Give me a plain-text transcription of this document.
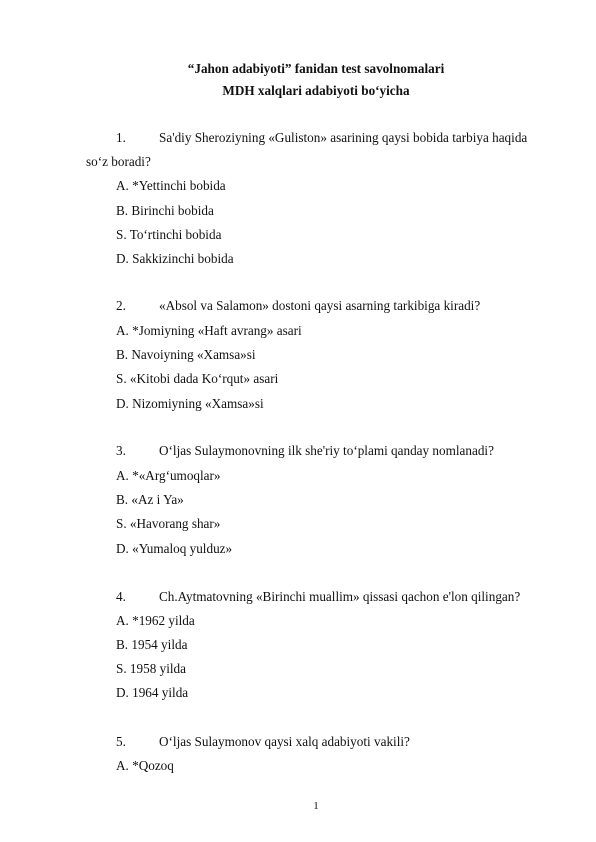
“Jahon adabiyoti” fanidan test savolnomalari
MDH xalqlari adabiyoti bo‘yicha
1.	Sa'diy Sheroziyning «Guliston» asarining qaysi bobida tarbiya haqida
so‘z boradi?
A. *Yettinchi bobida
B. Birinchi bobida
S. To‘rtinchi bobida
D. Sakkizinchi bobida
2.	«Absol va Salamon» dostoni qaysi asarning tarkibiga kiradi?
A. *Jomiyning «Haft avrang» asari
B. Navoiyning «Xamsa»si
S. «Kitobi dada Ko‘rqut» asari
D. Nizomiyning «Xamsa»si
3.	O‘ljas Sulaymonovning ilk she'riy to‘plami qanday nomlanadi?
A. *«Arg‘umoqlar»
B. «Az i Ya»
S. «Havorang shar»
D. «Yumaloq yulduz»
4.	Ch.Aytmatovning «Birinchi muallim» qissasi qachon e'lon qilingan?
A. *1962 yilda
B. 1954 yilda
S. 1958 yilda
D. 1964 yilda
5.	O‘ljas Sulaymonov qaysi xalq adabiyoti vakili?
A. *Qozoq
1
